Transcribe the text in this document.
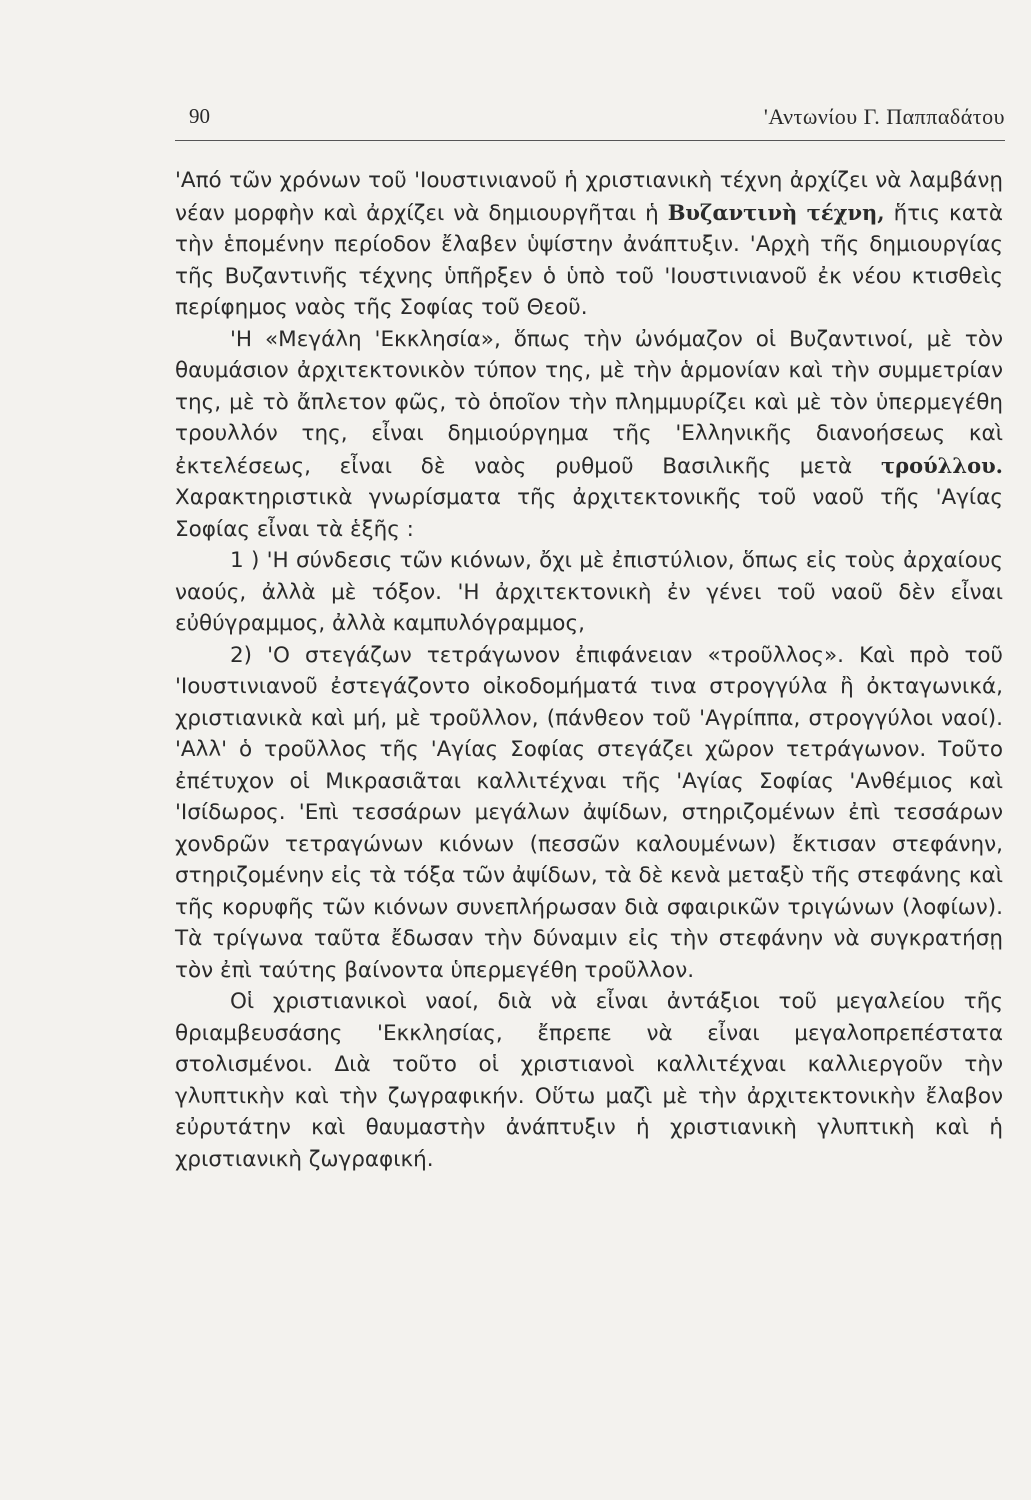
90	'Αντωνίου Γ. Παππαδάτου

'Από τῶν χρόνων τοῦ 'Ιουστινιανοῦ ἡ χριστιανικὴ τέχνη ἀρχίζει νὰ λαμβάνῃ νέαν μορφὴν καὶ ἀρχίζει νὰ δημιουργῆται ἡ Βυζαντινὴ τέχνη, ἥτις κατὰ τὴν ἑπομένην περίοδον ἔλαβεν ὑψίστην ἀνάπτυξιν. 'Αρχὴ τῆς δημιουργίας τῆς Βυζαντινῆς τέχνης ὑπῆρξεν ὁ ὑπὸ τοῦ 'Ιουστινιανοῦ ἐκ νέου κτισθεὶς περίφημος ναὸς τῆς Σοφίας τοῦ Θεοῦ.

'Η «Μεγάλη 'Εκκλησία», ὅπως τὴν ὠνόμαζον οἱ Βυζαντινοί, μὲ τὸν θαυμάσιον ἀρχιτεκτονικὸν τύπον της, μὲ τὴν ἁρμονίαν καὶ τὴν συμμετρίαν της, μὲ τὸ ἄπλετον φῶς, τὸ ὁποῖον τὴν πλημμυρίζει καὶ μὲ τὸν ὑπερμεγέθη τρουλλόν της, εἶναι δημιούργημα τῆς 'Ελληνικῆς διανοήσεως καὶ ἐκτελέσεως, εἶναι δὲ ναὸς ρυθμοῦ Βασιλικῆς μετὰ τρούλλου. Χαρακτηριστικὰ γνωρίσματα τῆς ἀρχιτεκτονικῆς τοῦ ναοῦ τῆς 'Αγίας Σοφίας εἶναι τὰ ἑξῆς :

1 ) 'Η σύνδεσις τῶν κιόνων, ὄχι μὲ ἐπιστύλιον, ὅπως εἰς τοὺς ἀρχαίους ναούς, ἀλλὰ μὲ τόξον. 'Η ἀρχιτεκτονικὴ ἐν γένει τοῦ ναοῦ δὲν εἶναι εὐθύγραμμος, ἀλλὰ καμπυλόγραμμος,

2) 'Ο στεγάζων τετράγωνον ἐπιφάνειαν «τροῦλλος». Καὶ πρὸ τοῦ 'Ιουστινιανοῦ ἐστεγάζοντο οἰκοδομήματά τινα στρογγύλα ἢ ὀκταγωνικά, χριστιανικὰ καὶ μή, μὲ τροῦλλον, (πάνθεον τοῦ 'Αγρίππα, στρογγύλοι ναοί). 'Αλλ' ὁ τροῦλλος τῆς 'Αγίας Σοφίας στεγάζει χῶρον τετράγωνον. Τοῦτο ἐπέτυχον οἱ Μικρασιᾶται καλλιτέχναι τῆς 'Αγίας Σοφίας 'Ανθέμιος καὶ 'Ισίδωρος. 'Επὶ τεσσάρων μεγάλων ἀψίδων, στηριζομένων ἐπὶ τεσσάρων χονδρῶν τετραγώνων κιόνων (πεσσῶν καλουμένων) ἔκτισαν στεφάνην, στηριζομένην εἰς τὰ τόξα τῶν ἀψίδων, τὰ δὲ κενὰ μεταξὺ τῆς στεφάνης καὶ τῆς κορυφῆς τῶν κιόνων συνεπλήρωσαν διὰ σφαιρικῶν τριγώνων (λοφίων). Τὰ τρίγωνα ταῦτα ἔδωσαν τὴν δύναμιν εἰς τὴν στεφάνην νὰ συγκρατήσῃ τὸν ἐπὶ ταύτης βαίνοντα ὑπερμεγέθη τροῦλλον.

Οἱ χριστιανικοὶ ναοί, διὰ νὰ εἶναι ἀντάξιοι τοῦ μεγαλείου τῆς θριαμβευσάσης 'Εκκλησίας, ἔπρεπε νὰ εἶναι μεγαλοπρεπέστατα στολισμένοι. Διὰ τοῦτο οἱ χριστιανοὶ καλλιτέχναι καλλιεργοῦν τὴν γλυπτικὴν καὶ τὴν ζωγραφικήν. Οὕτω μαζὶ μὲ τὴν ἀρχιτεκτονικὴν ἔλαβον εὐρυτάτην καὶ θαυμαστὴν ἀνάπτυξιν ἡ χριστιανικὴ γλυπτικὴ καὶ ἡ χριστιανικὴ ζωγραφική.
